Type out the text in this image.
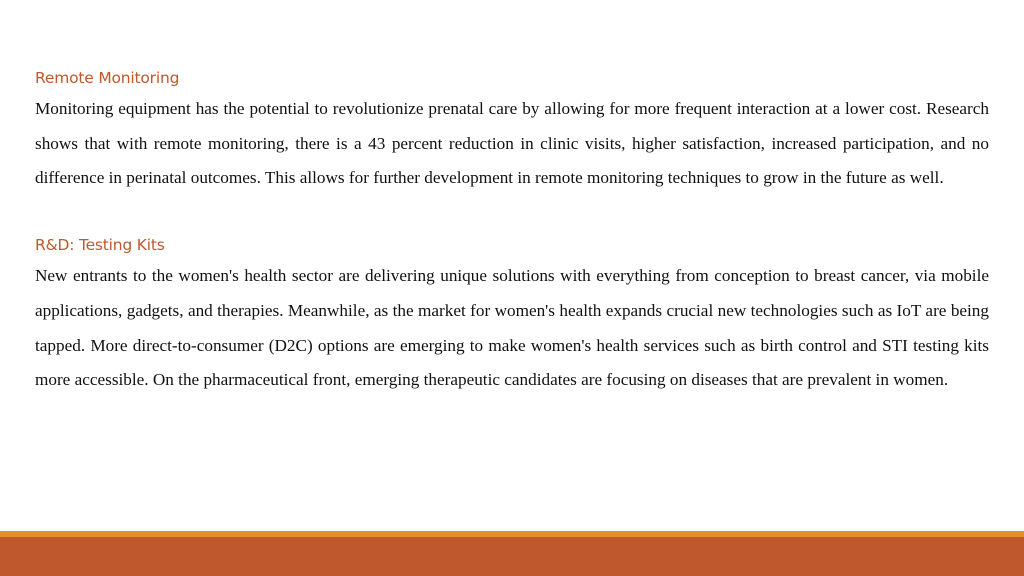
Remote Monitoring

Monitoring equipment has the potential to revolutionize prenatal care by allowing for more frequent interaction at a lower cost. Research shows that with remote monitoring, there is a 43 percent reduction in clinic visits, higher satisfaction, increased participation, and no difference in perinatal outcomes. This allows for further development in remote monitoring techniques to grow in the future as well.

R&D: Testing Kits

New entrants to the women's health sector are delivering unique solutions with everything from conception to breast cancer, via mobile applications, gadgets, and therapies. Meanwhile, as the market for women's health expands crucial new technologies such as IoT are being tapped. More direct-to-consumer (D2C) options are emerging to make women's health services such as birth control and STI testing kits more accessible. On the pharmaceutical front, emerging therapeutic candidates are focusing on diseases that are prevalent in women.
